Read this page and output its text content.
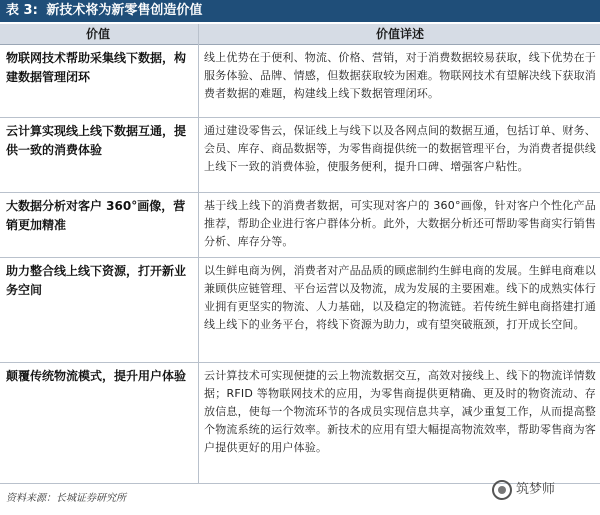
表 3: 新技术将为新零售创造价值
价值	价值详述
物联网技术帮助采集线下数据，构建数据管理闭环
线上优势在于便利、物流、价格、营销，对于消费数据较易获取，线下优势在于服务体验、品牌、情感，但数据获取较为困难。物联网技术有望解决线下获取消费者数据的难题，构建线上线下数据管理闭环。
云计算实现线上线下数据互通，提供一致的消费体验
通过建设零售云，保证线上与线下以及各网点间的数据互通，包括订单、财务、会员、库存、商品数据等，为零售商提供统一的数据管理平台，为消费者提供线上线下一致的消费体验，使服务便利，提升口碑、增强客户粘性。
大数据分析对客户 360°画像，营销更加精准
基于线上线下的消费者数据，可实现对客户的 360°画像，针对客户个性化产品推荐，帮助企业进行客户群体分析。此外，大数据分析还可帮助零售商实行销售分析、库存分等。
助力整合线上线下资源，打开新业务空间
以生鲜电商为例，消费者对产品品质的顾虑制约生鲜电商的发展。生鲜电商难以兼顾供应链管理、平台运营以及物流，成为发展的主要困难。线下的成熟实体行业拥有更坚实的物流、人力基础，以及稳定的物流链。若传统生鲜电商搭建打通线上线下的业务平台，将线下资源为助力，或有望突破瓶颈，打开成长空间。
颠覆传统物流模式，提升用户体验	云计算技术可实现便捷的云上物流数据交互，高效对接线上、线下的物流详情数据；RFID 等物联网技术的应用，为零售商提供更精确、更及时的物资流动、存放信息，使每一个物流环节的各成员实现信息共享，减少重复工作，从而提高整个物流系统的运行效率。新技术的应用有望大幅提高物流效率，帮助零售商为客户提供更好的用户体验。
资料来源：长城证券研究所
筑梦师
